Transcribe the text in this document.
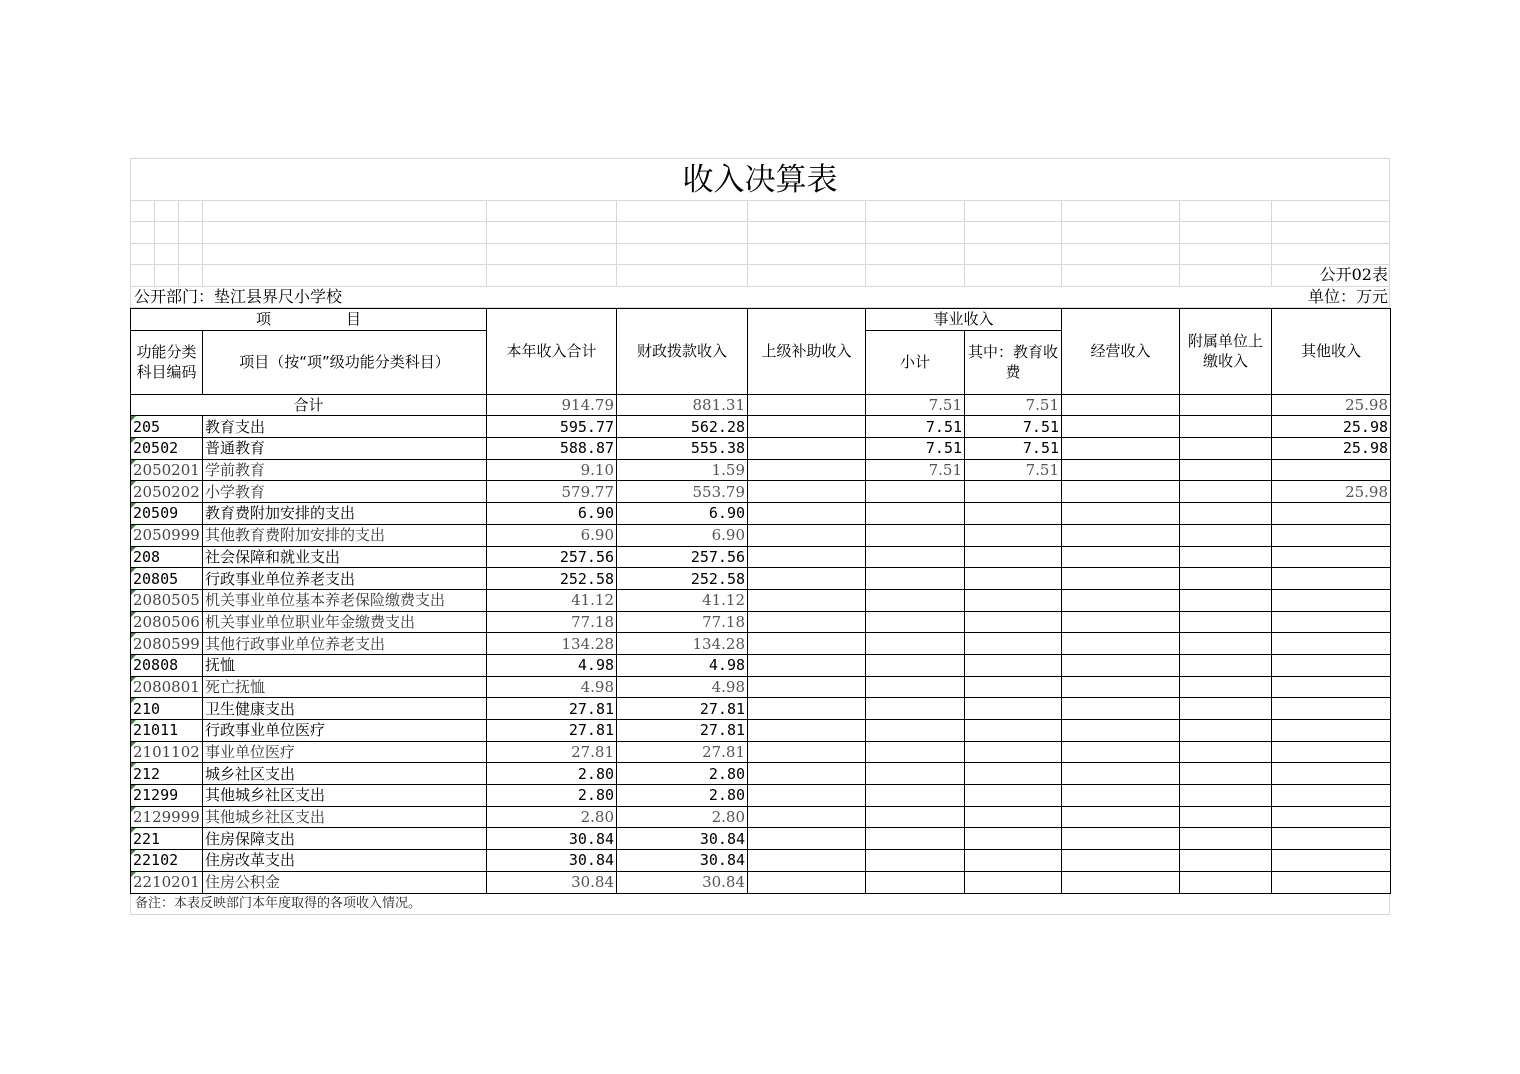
收入决算表
公开02表
公开部门：垫江县界尺小学校	单位：万元
项　　　　　目		本年收入合计	财政拨款收入	上级补助收入	事业收入		经营收入	附属单位上缴收入	其他收入
功能分类科目编码	项目（按“项”级功能分类科目）				小计	其中：教育收费			
合计		914.79	881.31		7.51	7.51			25.98
205	教育支出	595.77	562.28		7.51	7.51			25.98
20502	普通教育	588.87	555.38		7.51	7.51			25.98
2050201	学前教育	9.10	1.59		7.51	7.51			
2050202	小学教育	579.77	553.79						25.98
20509	教育费附加安排的支出	6.90	6.90						
2050999	其他教育费附加安排的支出	6.90	6.90						
208	社会保障和就业支出	257.56	257.56						
20805	行政事业单位养老支出	252.58	252.58						
2080505	机关事业单位基本养老保险缴费支出	41.12	41.12						
2080506	机关事业单位职业年金缴费支出	77.18	77.18						
2080599	其他行政事业单位养老支出	134.28	134.28						
20808	抚恤	4.98	4.98						
2080801	死亡抚恤	4.98	4.98						
210	卫生健康支出	27.81	27.81						
21011	行政事业单位医疗	27.81	27.81						
2101102	事业单位医疗	27.81	27.81						
212	城乡社区支出	2.80	2.80						
21299	其他城乡社区支出	2.80	2.80						
2129999	其他城乡社区支出	2.80	2.80						
221	住房保障支出	30.84	30.84						
22102	住房改革支出	30.84	30.84						
2210201	住房公积金	30.84	30.84						
备注：本表反映部门本年度取得的各项收入情况。
